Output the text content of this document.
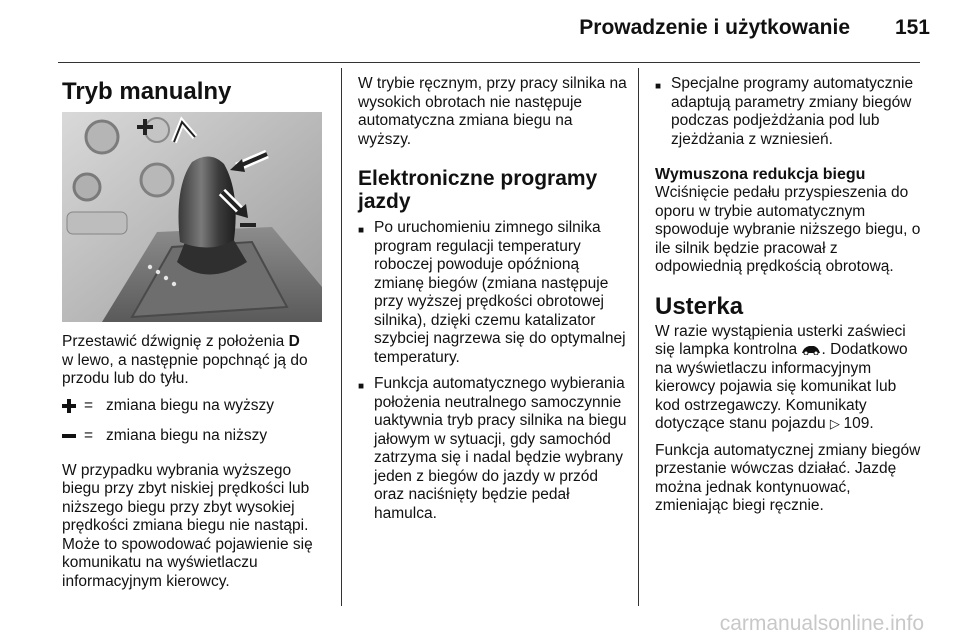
Prowadzenie i użytkowanie	151
Tryb manualny

Przestawić dźwignię z położenia D
w lewo, a następnie popchnąć ją do przodu lub do tyłu.

= zmiana biegu na wyższy
= zmiana biegu na niższy

W przypadku wybrania wyższego biegu przy zbyt niskiej prędkości lub niższego biegu przy zbyt wysokiej prędkości zmiana biegu nie nastąpi. Może to spowodować pojawienie się komunikatu na wyświetlaczu informacyjnym kierowcy.

W trybie ręcznym, przy pracy silnika na wysokich obrotach nie następuje automatyczna zmiana biegu na wyższy.

Elektroniczne programy
jazdy
■ Po uruchomieniu zimnego silnika program regulacji temperatury roboczej powoduje opóźnioną zmianę biegów (zmiana następuje przy wyższej prędkości obrotowej silnika), dzięki czemu katalizator szybciej nagrzewa się do optymalnej temperatury.
■ Funkcja automatycznego wybierania położenia neutralnego samoczynnie uaktywnia tryb pracy silnika na biegu jałowym w sytuacji, gdy samochód zatrzyma się i nadal będzie wybrany jeden z biegów do jazdy w przód oraz naciśnięty będzie pedał hamulca.
■ Specjalne programy automatycznie adaptują parametry zmiany biegów podczas podjeżdżania pod lub zjeżdżania z wzniesień.
Wymuszona redukcja biegu

Wciśnięcie pedału przyspieszenia do oporu w trybie automatycznym spowoduje wybranie niższego biegu, o ile silnik będzie pracował z odpowiednią prędkością obrotową.

Usterka

W razie wystąpienia usterki zaświeci się lampka kontrolna . Dodatkowo na wyświetlaczu informacyjnym kierowcy pojawia się komunikat lub kod ostrzegawczy. Komunikaty dotyczące stanu pojazdu ▷ 109.

Funkcja automatycznej zmiany biegów przestanie wówczas działać. Jazdę można jednak kontynuować, zmieniając biegi ręcznie.

carmanualsonline.info
